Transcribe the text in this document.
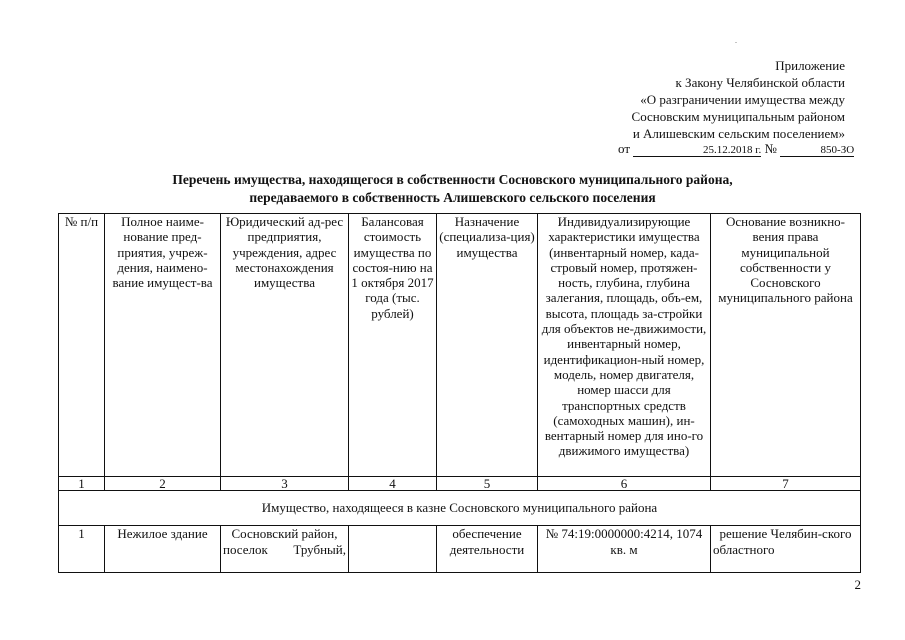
.
Приложение
к Закону Челябинской области
«О разграничении имущества между
Сосновским муниципальным районом
и Алишевским сельским поселением»
от	25.12.2018 г. №	850-ЗО
Перечень имущества, находящегося в собственности Сосновского муниципального района,
передаваемого в собственность Алишевского сельского поселения
№ п/п	Полное наиме-нование пред-приятия, учреж-дения, наимено-вание имущест-ва	Юридический ад-рес предприятия, учреждения, адрес местонахождения имущества	Балансовая стоимость имущества по состоя-нию на 1 октября 2017 года (тыс. рублей)	Назначение (специализа-ция) имущества	Индивидуализирующие характеристики имущества (инвентарный номер, када-стровый номер, протяжен-ность, глубина, глубина залегания, площадь, объ-ем, высота, площадь за-стройки для объектов не-движимости, инвентарный номер, идентификацион-ный номер, модель, номер двигателя, номер шасси для транспортных средств (самоходных машин), ин-вентарный номер для ино-го движимого имущества)	Основание возникно-вения права муниципальной собственности у Сосновского муниципального района
1	2	3	4	5	6	7
Имущество, находящееся в казне Сосновского муниципального района						
1	Нежилое здание	Сосновский район, поселок Трубный,		обеспечение деятельности	№ 74:19:0000000:4214, 1074 кв. м	решение Челябин-ского областного
2
